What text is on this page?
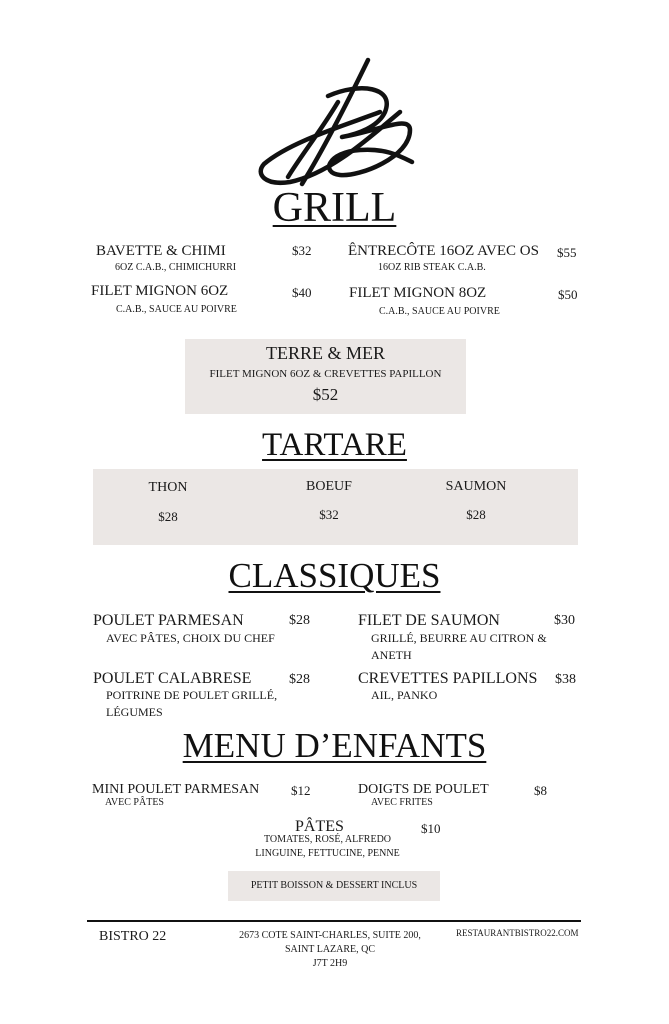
GRILL
BAVETTE & CHIMI
6OZ C.A.B., CHIMICHURRI
$32 ÊNTRECÔTE 16OZ AVEC OS
16OZ RIB STEAK C.A.B.
$55
FILET MIGNON 6OZ
C.A.B., SAUCE AU POIVRE
$40	FILET MIGNON 8OZ
C.A.B., SAUCE AU POIVRE
$50
TERRE & MER
FILET MIGNON 6OZ & CREVETTES PAPILLON
$52
TARTARE
THON
$28
BOEUF
$32
SAUMON
$28
CLASSIQUES
POULET PARMESAN
AVEC PÂTES, CHOIX DU CHEF
$28	FILET DE SAUMON
GRILLÉ, BEURRE AU CITRON & ANETH
$30
POULET CALABRESE
POITRINE DE POULET GRILLÉ, LÉGUMES
$28	CREVETTES PAPILLONS
AIL, PANKO
$38
MENU D’ENFANTS
MINI POULET PARMESAN
AVEC PÂTES
$12	DOIGTS DE POULET
AVEC FRITES
$8
PÂTES
TOMATES, ROSÉ, ALFREDO
LINGUINE, FETTUCINE, PENNE
$10
PETIT BOISSON & DESSERT INCLUS
BISTRO 22	2673 COTE SAINT-CHARLES, SUITE 200,
SAINT LAZARE, QC
J7T 2H9
RESTAURANTBISTRO22.COM
